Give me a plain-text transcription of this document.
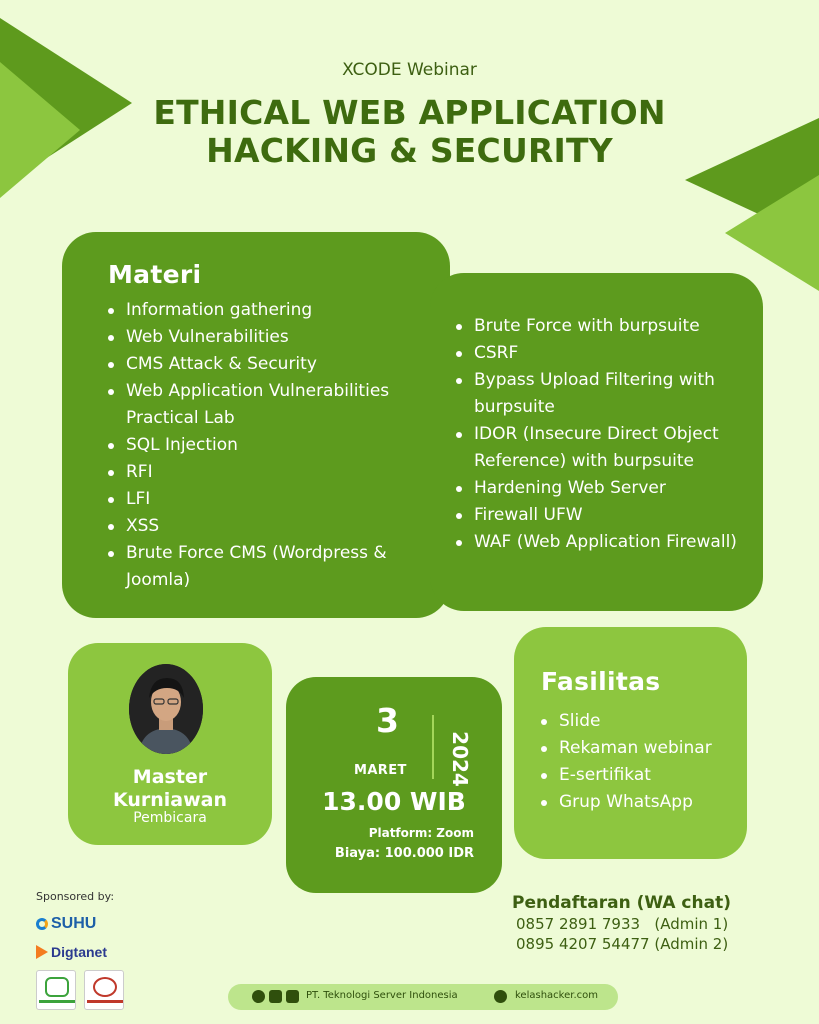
XCODE Webinar
ETHICAL WEB APPLICATION
HACKING & SECURITY
Materi
Information gathering
Web Vulnerabilities
CMS Attack & Security
Web Application Vulnerabilities Practical Lab
SQL Injection
RFI
LFI
XSS
Brute Force CMS (Wordpress & Joomla)
Brute Force with burpsuite
CSRF
Bypass Upload Filtering with burpsuite
IDOR (Insecure Direct Object Reference) with burpsuite
Hardening Web Server
Firewall UFW
WAF (Web Application Firewall)
Master
Kurniawan
Pembicara
3
MARET 2024
13.00 WIB
Platform: Zoom
Biaya: 100.000 IDR
Fasilitas
Slide
Rekaman webinar
E-sertifikat
Grup WhatsApp
Sponsored by:
SUHU
Digtanet
Pendaftaran (WA chat)
0857 2891 7933   (Admin 1)
0895 4207 54477 (Admin 2)
PT. Teknologi Server Indonesia	kelashacker.com
